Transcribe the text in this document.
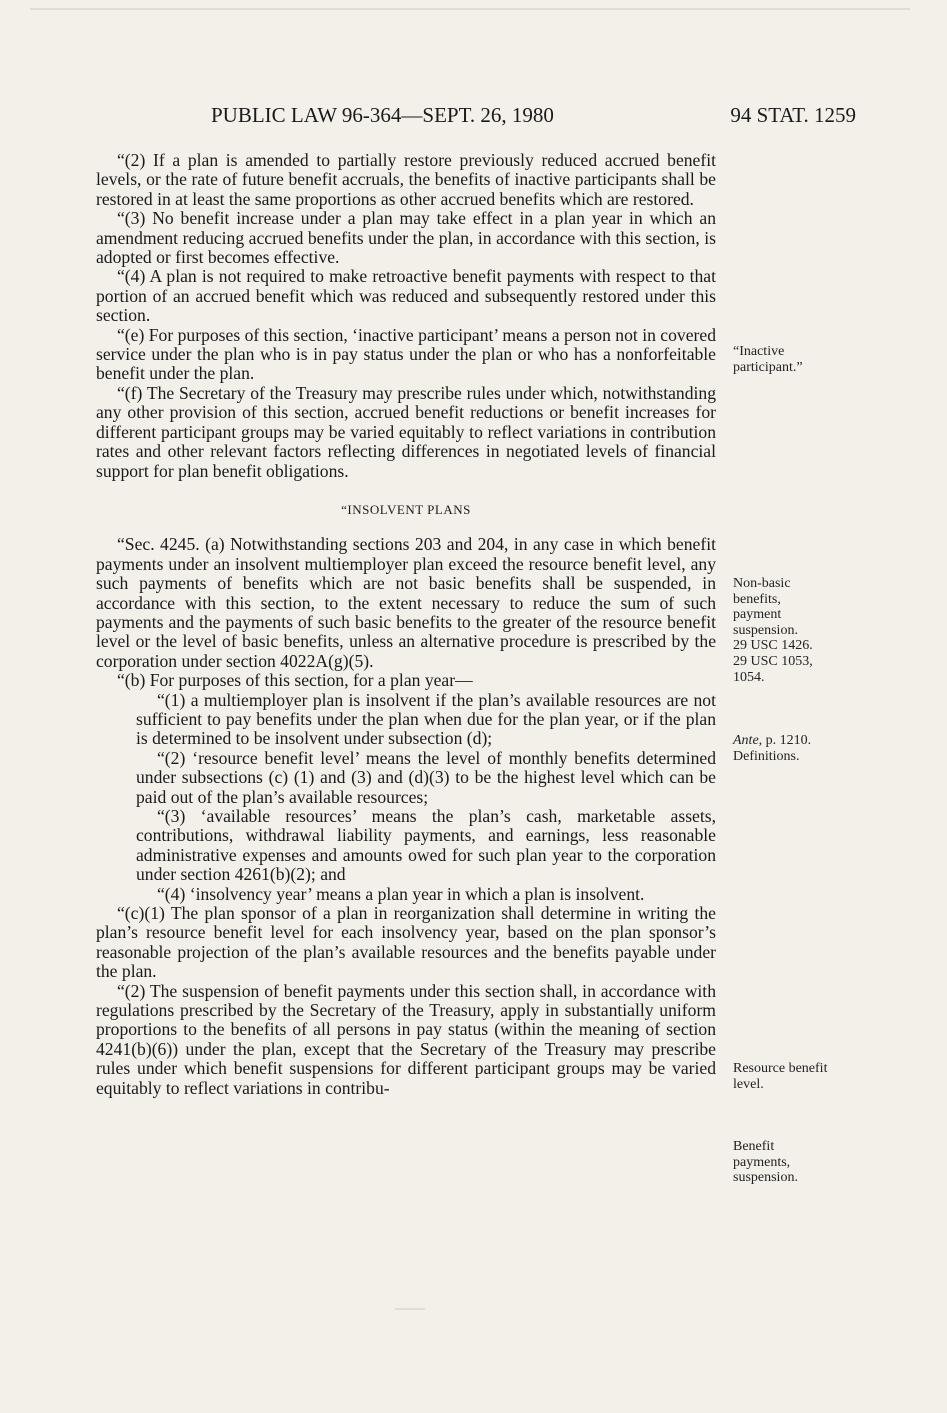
PUBLIC LAW 96-364—SEPT. 26, 1980	94 STAT. 1259

“(2) If a plan is amended to partially restore previously reduced accrued benefit levels, or the rate of future benefit accruals, the benefits of inactive participants shall be restored in at least the same proportions as other accrued benefits which are restored.

“(3) No benefit increase under a plan may take effect in a plan year in which an amendment reducing accrued benefits under the plan, in accordance with this section, is adopted or first becomes effective.

“(4) A plan is not required to make retroactive benefit payments with respect to that portion of an accrued benefit which was reduced and subsequently restored under this section.

“(e) For purposes of this section, ‘inactive participant’ means a person not in covered service under the plan who is in pay status under the plan or who has a nonforfeitable benefit under the plan.

“(f) The Secretary of the Treasury may prescribe rules under which, notwithstanding any other provision of this section, accrued benefit reductions or benefit increases for different participant groups may be varied equitably to reflect variations in contribution rates and other relevant factors reflecting differences in negotiated levels of financial support for plan benefit obligations.

“INSOLVENT PLANS

“Sec. 4245. (a) Notwithstanding sections 203 and 204, in any case in which benefit payments under an insolvent multiemployer plan exceed the resource benefit level, any such payments of benefits which are not basic benefits shall be suspended, in accordance with this section, to the extent necessary to reduce the sum of such payments and the payments of such basic benefits to the greater of the resource benefit level or the level of basic benefits, unless an alternative procedure is prescribed by the corporation under section 4022A(g)(5).

“(b) For purposes of this section, for a plan year—

“(1) a multiemployer plan is insolvent if the plan’s available resources are not sufficient to pay benefits under the plan when due for the plan year, or if the plan is determined to be insolvent under subsection (d);

“(2) ‘resource benefit level’ means the level of monthly benefits determined under subsections (c) (1) and (3) and (d)(3) to be the highest level which can be paid out of the plan’s available resources;

“(3) ‘available resources’ means the plan’s cash, marketable assets, contributions, withdrawal liability payments, and earnings, less reasonable administrative expenses and amounts owed for such plan year to the corporation under section 4261(b)(2); and

“(4) ‘insolvency year’ means a plan year in which a plan is insolvent.

“(c)(1) The plan sponsor of a plan in reorganization shall determine in writing the plan’s resource benefit level for each insolvency year, based on the plan sponsor’s reasonable projection of the plan’s available resources and the benefits payable under the plan.

“(2) The suspension of benefit payments under this section shall, in accordance with regulations prescribed by the Secretary of the Treasury, apply in substantially uniform proportions to the benefits of all persons in pay status (within the meaning of section 4241(b)(6)) under the plan, except that the Secretary of the Treasury may prescribe rules under which benefit suspensions for different participant groups may be varied equitably to reflect variations in contribu-

“Inactive
participant.”
Non-basic
benefits,
payment
suspension.
29 USC 1426.
29 USC 1053,
1054.
Ante, p. 1210.
Definitions.
Resource benefit
level.
Benefit
payments,
suspension.
